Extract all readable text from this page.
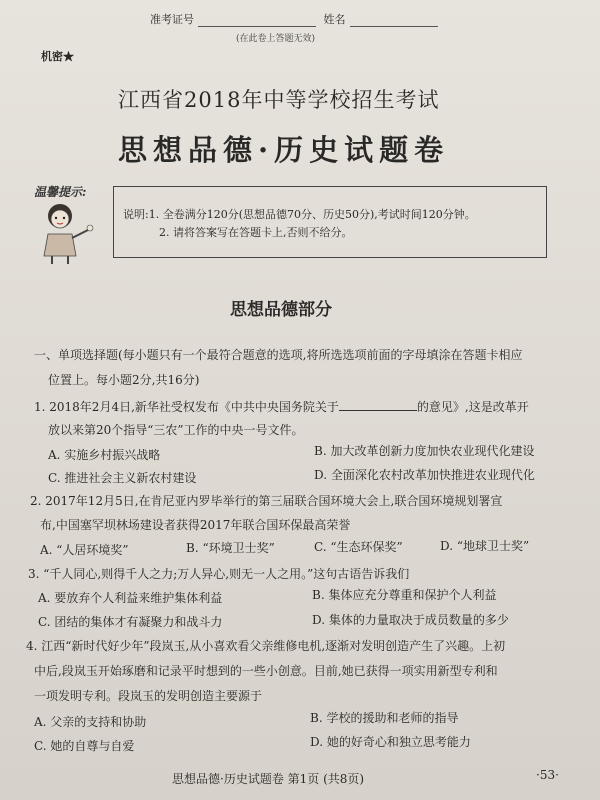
准考证号	姓名
(在此卷上答题无效)
机密★
江西省2018年中等学校招生考试
思想品德·历史试题卷
温馨提示:
说明:1. 全卷满分120分(思想品德70分、历史50分),考试时间120分钟。
2. 请将答案写在答题卡上,否则不给分。
思想品德部分
一、单项选择题(每小题只有一个最符合题意的选项,将所选选项前面的字母填涂在答题卡相应
位置上。每小题2分,共16分)
1. 2018年2月4日,新华社受权发布《中共中央国务院关于	的意见》,这是改革开
放以来第20个指导“三农”工作的中央一号文件。
A. 实施乡村振兴战略	B. 加大改革创新力度加快农业现代化建设
C. 推进社会主义新农村建设	D. 全面深化农村改革加快推进农业现代化
2. 2017年12月5日,在肯尼亚内罗毕举行的第三届联合国环境大会上,联合国环境规划署宣
布,中国塞罕坝林场建设者获得2017年联合国环保最高荣誉
A. “人居环境奖”	B. “环境卫士奖”	C. “生态环保奖”	D. “地球卫士奖”
3. “千人同心,则得千人之力;万人异心,则无一人之用。”这句古语告诉我们
A. 要放弃个人利益来维护集体利益	B. 集体应充分尊重和保护个人利益
C. 团结的集体才有凝聚力和战斗力	D. 集体的力量取决于成员数量的多少
4. 江西“新时代好少年”段岚玉,从小喜欢看父亲维修电机,逐渐对发明创造产生了兴趣。上初
中后,段岚玉开始琢磨和记录平时想到的一些小创意。目前,她已获得一项实用新型专利和
一项发明专利。段岚玉的发明创造主要源于
A. 父亲的支持和协助	B. 学校的援助和老师的指导
C. 她的自尊与自爱	D. 她的好奇心和独立思考能力
思想品德·历史试题卷 第1页 (共8页)	·53·
